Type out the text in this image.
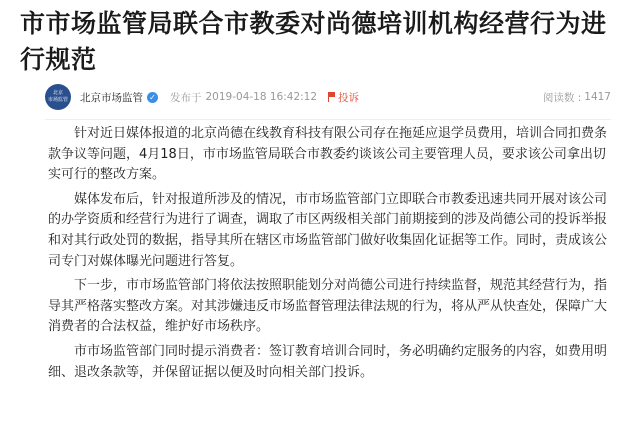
市市场监管局联合市教委对尚德培训机构经营行为进行规范
北京
市场监管 北京市场监管 ✓ 发布于 2019-04-18 16:42:12 投诉	阅读数 : 1417

针对近日媒体报道的北京尚德在线教育科技有限公司存在拖延应退学员费用，培训合同扣费条款争议等问题，4月18日，市市场监管局联合市教委约谈该公司主要管理人员，要求该公司拿出切实可行的整改方案。

媒体发布后，针对报道所涉及的情况，市市场监管部门立即联合市教委迅速共同开展对该公司的办学资质和经营行为进行了调查，调取了市区两级相关部门前期接到的涉及尚德公司的投诉举报和对其行政处罚的数据，指导其所在辖区市场监管部门做好收集固化证据等工作。同时，责成该公司专门对媒体曝光问题进行答复。

下一步，市市场监管部门将依法按照职能划分对尚德公司进行持续监督，规范其经营行为，指导其严格落实整改方案。对其涉嫌违反市场监督管理法律法规的行为，将从严从快查处，保障广大消费者的合法权益，维护好市场秩序。

市市场监管部门同时提示消费者：签订教育培训合同时，务必明确约定服务的内容，如费用明细、退改条款等，并保留证据以便及时向相关部门投诉。
